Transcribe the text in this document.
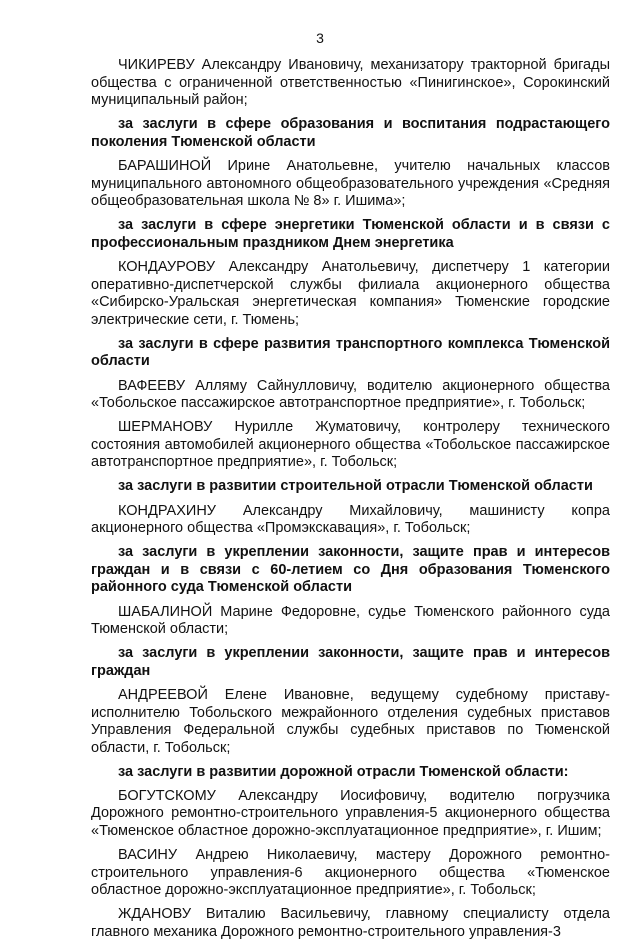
3

ЧИКИРЕВУ Александру Ивановичу, механизатору тракторной бригады общества с ограниченной ответственностью «Пинигинское», Сорокинский муниципальный район;

за заслуги в сфере образования и воспитания подрастающего поколения Тюменской области

БАРАШИНОЙ Ирине Анатольевне, учителю начальных классов муниципального автономного общеобразовательного учреждения «Средняя общеобразовательная школа № 8» г. Ишима»;

за заслуги в сфере энергетики Тюменской области и в связи с профессиональным праздником Днем энергетика

КОНДАУРОВУ Александру Анатольевичу, диспетчеру 1 категории оперативно-диспетчерской службы филиала акционерного общества «Сибирско-Уральская энергетическая компания» Тюменские городские электрические сети, г. Тюмень;

за заслуги в сфере развития транспортного комплекса Тюменской области

ВАФЕЕВУ Алляму Сайнулловичу, водителю акционерного общества «Тобольское пассажирское автотранспортное предприятие», г. Тобольск;

ШЕРМАНОВУ Нурилле Жуматовичу, контролеру технического состояния автомобилей акционерного общества «Тобольское пассажирское автотранспортное предприятие», г. Тобольск;

за заслуги в развитии строительной отрасли Тюменской области

КОНДРАХИНУ Александру Михайловичу, машинисту копра акционерного общества «Промэкскавация», г. Тобольск;

за заслуги в укреплении законности, защите прав и интересов граждан и в связи с 60-летием со Дня образования Тюменского районного суда Тюменской области

ШАБАЛИНОЙ Марине Федоровне, судье Тюменского районного суда Тюменской области;

за заслуги в укреплении законности, защите прав и интересов граждан

АНДРЕЕВОЙ Елене Ивановне, ведущему судебному приставу-исполнителю Тобольского межрайонного отделения судебных приставов Управления Федеральной службы судебных приставов по Тюменской области, г. Тобольск;

за заслуги в развитии дорожной отрасли Тюменской области:

БОГУТСКОМУ Александру Иосифовичу, водителю погрузчика Дорожного ремонтно-строительного управления-5 акционерного общества «Тюменское областное дорожно-эксплуатационное предприятие», г. Ишим;

ВАСИНУ Андрею Николаевичу, мастеру Дорожного ремонтно-строительного управления-6 акционерного общества «Тюменское областное дорожно-эксплуатационное предприятие», г. Тобольск;

ЖДАНОВУ Виталию Васильевичу, главному специалисту отдела главного механика Дорожного ремонтно-строительного управления-3
